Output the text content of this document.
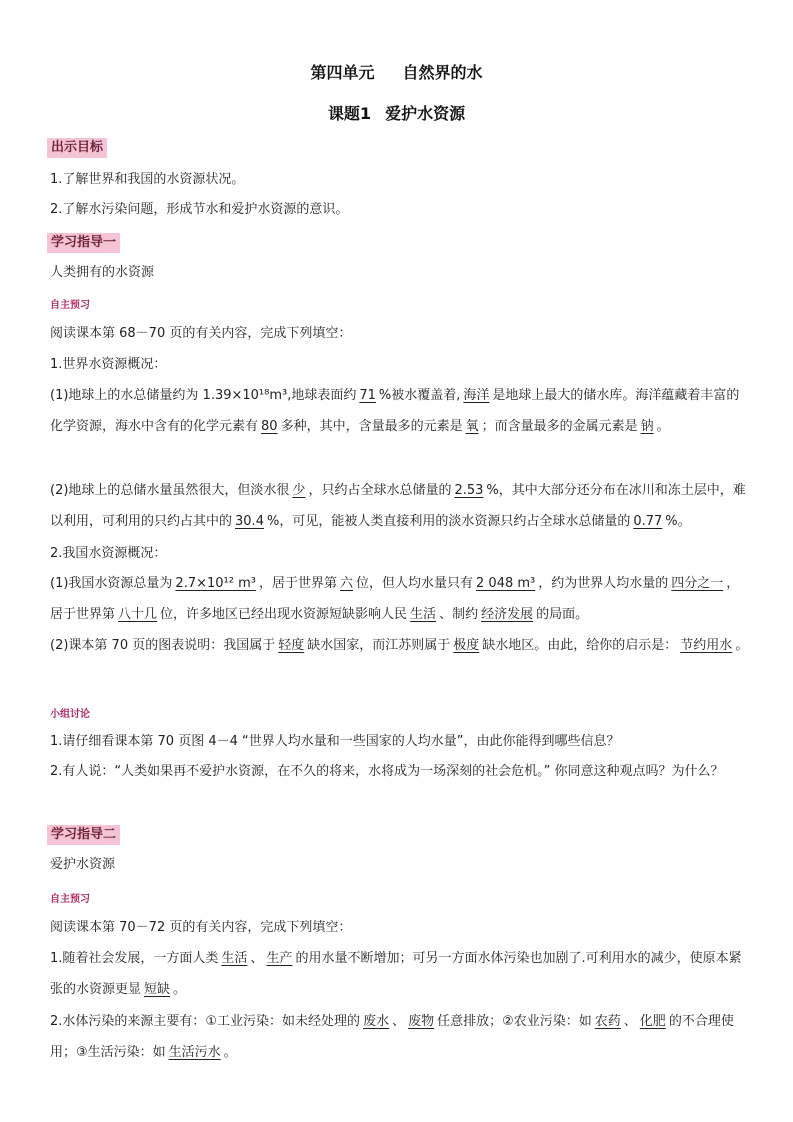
第四单元 自然界的水
课题1 爱护水资源
出示目标
1.了解世界和我国的水资源状况。
2.了解水污染问题，形成节水和爱护水资源的意识。
学习指导一
人类拥有的水资源
自主预习
阅读课本第 68－70 页的有关内容，完成下列填空：
1.世界水资源概况：
(1)地球上的水总储量约为 1.39×10¹⁸m³,地球表面约 71 %被水覆盖着, 海洋 是地球上最大的储水库。海洋蕴藏着丰富的化学资源，海水中含有的化学元素有 80 多种，其中，含量最多的元素是 氧 ；而含量最多的金属元素是 钠 。
(2)地球上的总储水量虽然很大，但淡水很 少 ，只约占全球水总储量的 2.53 %，其中大部分还分布在冰川和冻土层中，难以利用，可利用的只约占其中的 30.4 %，可见，能被人类直接利用的淡水资源只约占全球水总储量的 0.77 %。
2.我国水资源概况：
(1)我国水资源总量为 2.7×10¹² m³ ，居于世界第 六 位，但人均水量只有 2 048 m³ ，约为世界人均水量的 四分之一 ，居于世界第 八十几 位，许多地区已经出现水资源短缺影响人民 生活 、制约 经济发展 的局面。
(2)课本第 70 页的图表说明：我国属于 轻度 缺水国家，而江苏则属于 极度 缺水地区。由此，给你的启示是： 节约用水 。
小组讨论
1.请仔细看课本第 70 页图 4－4 “世界人均水量和一些国家的人均水量”，由此你能得到哪些信息？
2.有人说：“人类如果再不爱护水资源，在不久的将来，水将成为一场深刻的社会危机。” 你同意这种观点吗？为什么？
学习指导二
爱护水资源
自主预习
阅读课本第 70－72 页的有关内容，完成下列填空：
1.随着社会发展，一方面人类 生活 、 生产 的用水量不断增加；可另一方面水体污染也加剧了.可利用水的减少，使原本紧张的水资源更显 短缺 。
2.水体污染的来源主要有：①工业污染：如未经处理的 废水 、 废物 任意排放；②农业污染：如 农药 、 化肥 的不合理使用；③生活污染：如 生活污水 。
